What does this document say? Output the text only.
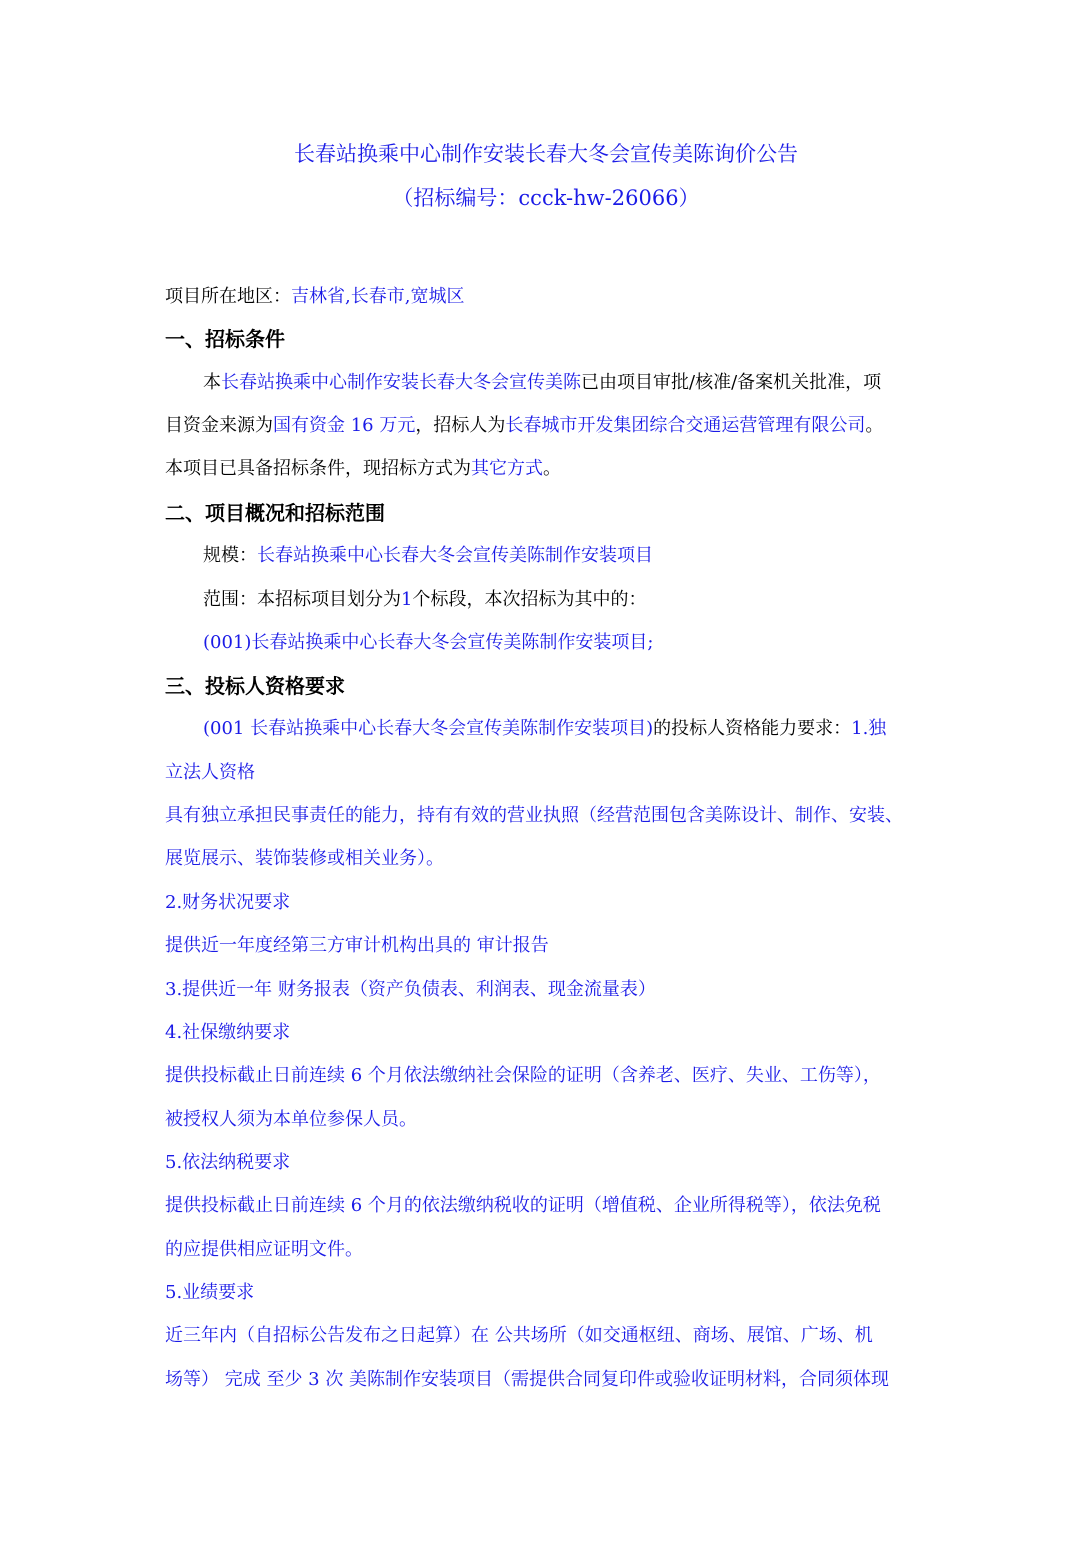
长春站换乘中心制作安装长春大冬会宣传美陈询价公告
（招标编号：ccck-hw-26066）
项目所在地区：吉林省,长春市,宽城区
一、招标条件
本长春站换乘中心制作安装长春大冬会宣传美陈已由项目审批/核准/备案机关批准，项
目资金来源为国有资金 16 万元，招标人为长春城市开发集团综合交通运营管理有限公司。
本项目已具备招标条件，现招标方式为其它方式。
二、项目概况和招标范围
规模：长春站换乘中心长春大冬会宣传美陈制作安装项目
范围：本招标项目划分为1个标段，本次招标为其中的：
(001)长春站换乘中心长春大冬会宣传美陈制作安装项目;
三、投标人资格要求
(001 长春站换乘中心长春大冬会宣传美陈制作安装项目)的投标人资格能力要求：1.独
立法人资格
具有独立承担民事责任的能力，持有有效的营业执照（经营范围包含美陈设计、制作、安装、
展览展示、装饰装修或相关业务）。
2.财务状况要求
提供近一年度经第三方审计机构出具的 审计报告
3.提供近一年 财务报表（资产负债表、利润表、现金流量表）
4.社保缴纳要求
提供投标截止日前连续 6 个月依法缴纳社会保险的证明（含养老、医疗、失业、工伤等），
被授权人须为本单位参保人员。
5.依法纳税要求
提供投标截止日前连续 6 个月的依法缴纳税收的证明（增值税、企业所得税等），依法免税
的应提供相应证明文件。
5.业绩要求
近三年内（自招标公告发布之日起算）在 公共场所（如交通枢纽、商场、展馆、广场、机
场等） 完成 至少 3 次 美陈制作安装项目（需提供合同复印件或验收证明材料，合同须体现
